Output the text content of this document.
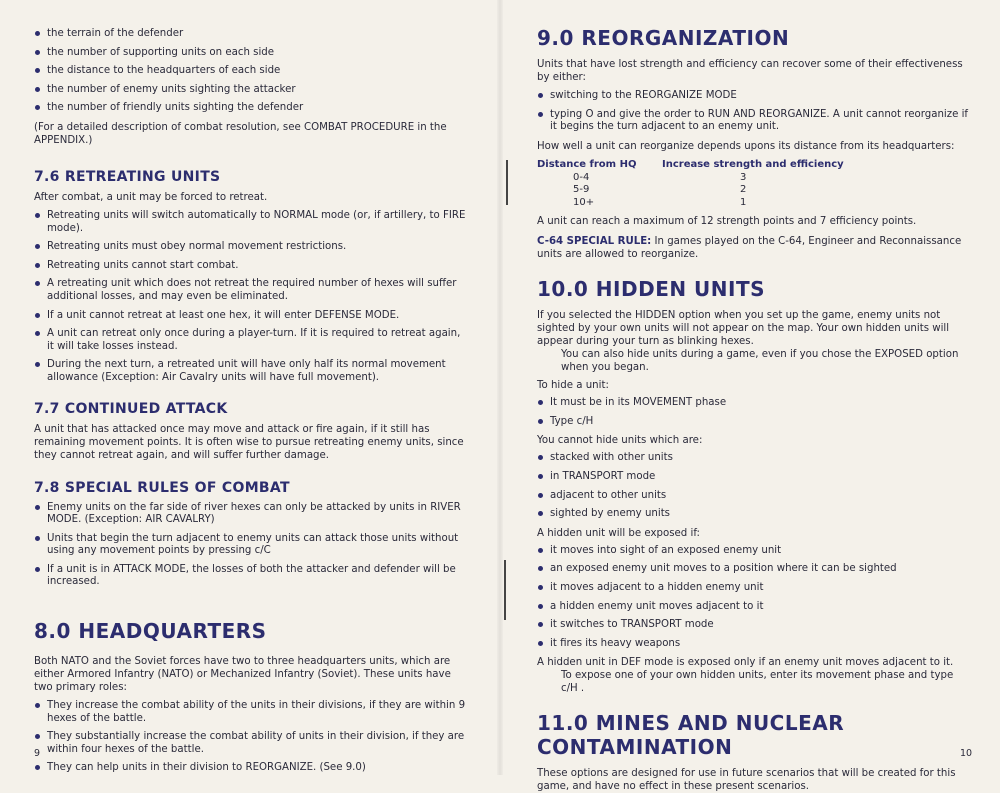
the terrain of the defender
the number of supporting units on each side
the distance to the headquarters of each side
the number of enemy units sighting the attacker
the number of friendly units sighting the defender

(For a detailed description of combat resolution, see COMBAT PROCEDURE in the APPENDIX.)

7.6 RETREATING UNITS

After combat, a unit may be forced to retreat.

Retreating units will switch automatically to NORMAL mode (or, if artillery, to FIRE mode).
Retreating units must obey normal movement restrictions.
Retreating units cannot start combat.
A retreating unit which does not retreat the required number of hexes will suffer additional losses, and may even be eliminated.
If a unit cannot retreat at least one hex, it will enter DEFENSE MODE.
A unit can retreat only once during a player-turn. If it is required to retreat again, it will take losses instead.
During the next turn, a retreated unit will have only half its normal movement allowance (Exception: Air Cavalry units will have full movement).
7.7 CONTINUED ATTACK

A unit that has attacked once may move and attack or fire again, if it still has remaining movement points. It is often wise to pursue retreating enemy units, since they cannot retreat again, and will suffer further damage.

7.8 SPECIAL RULES OF COMBAT
Enemy units on the far side of river hexes can only be attacked by units in RIVER MODE. (Exception: AIR CAVALRY)
Units that begin the turn adjacent to enemy units can attack those units without using any movement points by pressing c/C
If a unit is in ATTACK MODE, the losses of both the attacker and defender will be increased.
8.0 HEADQUARTERS

Both NATO and the Soviet forces have two to three headquarters units, which are either Armored Infantry (NATO) or Mechanized Infantry (Soviet). These units have two primary roles:

They increase the combat ability of the units in their divisions, if they are within 9 hexes of the battle.
They substantially increase the combat ability of units in their division, if they are within four hexes of the battle.
They can help units in their division to REORGANIZE. (See 9.0)
9
9.0 REORGANIZATION

Units that have lost strength and efficiency can recover some of their effectiveness by either:

switching to the REORGANIZE MODE
typing O and give the order to RUN AND REORGANIZE. A unit cannot reorganize if it begins the turn adjacent to an enemy unit.

How well a unit can reorganize depends upons its distance from its headquarters:

Distance from HQ	Increase strength and efficiency
0-4	3
5-9	2
10+	1

A unit can reach a maximum of 12 strength points and 7 efficiency points.

C-64 SPECIAL RULE: In games played on the C-64, Engineer and Reconnaissance units are allowed to reorganize.

10.0 HIDDEN UNITS

If you selected the HIDDEN option when you set up the game, enemy units not sighted by your own units will not appear on the map. Your own hidden units will appear during your turn as blinking hexes.

You can also hide units during a game, even if you chose the EXPOSED option when you began.

To hide a unit:

It must be in its MOVEMENT phase
Type c/H

You cannot hide units which are:

stacked with other units
in TRANSPORT mode
adjacent to other units
sighted by enemy units

A hidden unit will be exposed if:

it moves into sight of an exposed enemy unit
an exposed enemy unit moves to a position where it can be sighted
it moves adjacent to a hidden enemy unit
a hidden enemy unit moves adjacent to it
it switches to TRANSPORT mode
it fires its heavy weapons

A hidden unit in DEF mode is exposed only if an enemy unit moves adjacent to it.

To expose one of your own hidden units, enter its movement phase and type c/H .

11.0 MINES AND NUCLEAR CONTAMINATION

These options are designed for use in future scenarios that will be created for this game, and have no effect in these present scenarios.

10
